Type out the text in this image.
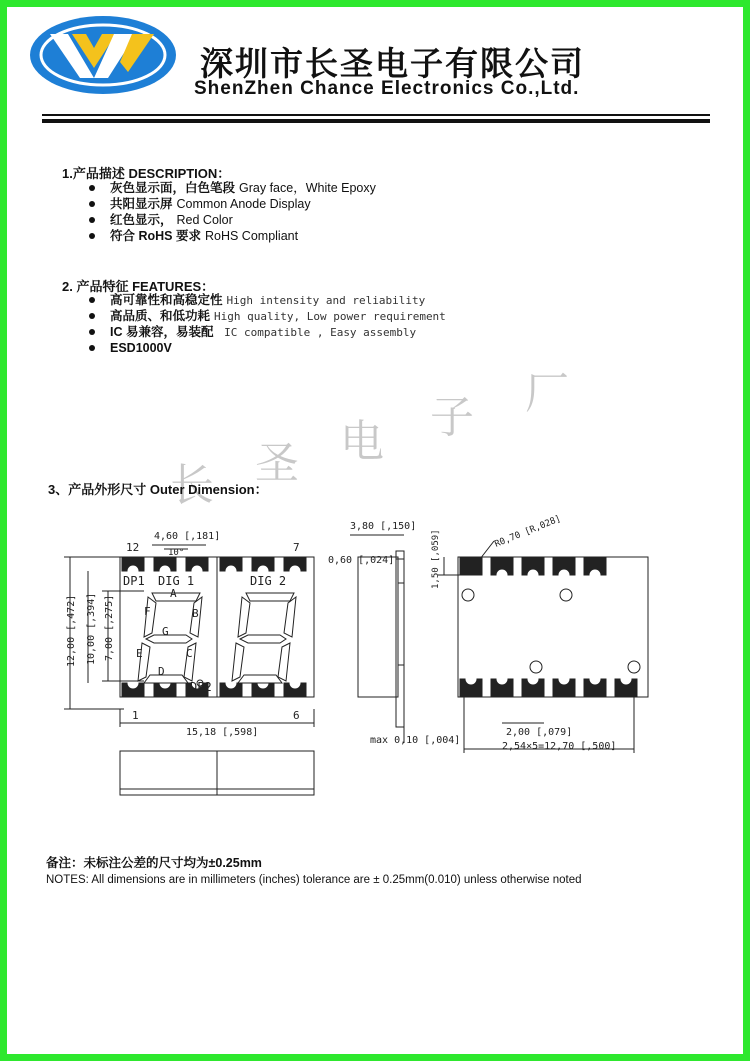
深圳市长圣电子有限公司
ShenZhen Chance Electronics Co.,Ltd.
1.产品描述 DESCRIPTION：
灰色显示面，白色笔段 Gray face，White Epoxy
共阳显示屏 Common Anode Display
红色显示， Red Color
符合 RoHS 要求 RoHS Compliant
2. 产品特征 FEATURES：
高可靠性和高稳定性 High intensity and reliability
高品质、和低功耗 High quality, Low power requirement
IC 易兼容，易装配 IC compatible , Easy assembly
ESD1000V
长 圣 电 子 厂
3、产品外形尺寸 Outer Dimension：
12	7
1	6
DP1 DIG 1	DIG 2
DP2
A
B
C
D
E
F
G
4,60 [,181]
10°
12,00 [,472] 10,00 [,394] 7,00 [,275]
15,18 [,598]
3,80 [,150]
0,60 [,024]
max 0,10 [,004]
R0,70 [R,028]
1,50 [,059]
2,00 [,079]
2,54×5=12,70 [,500]
备注：未标注公差的尺寸均为±0.25mm
NOTES: All dimensions are in millimeters (inches) tolerance are ± 0.25mm(0.010) unless otherwise noted
